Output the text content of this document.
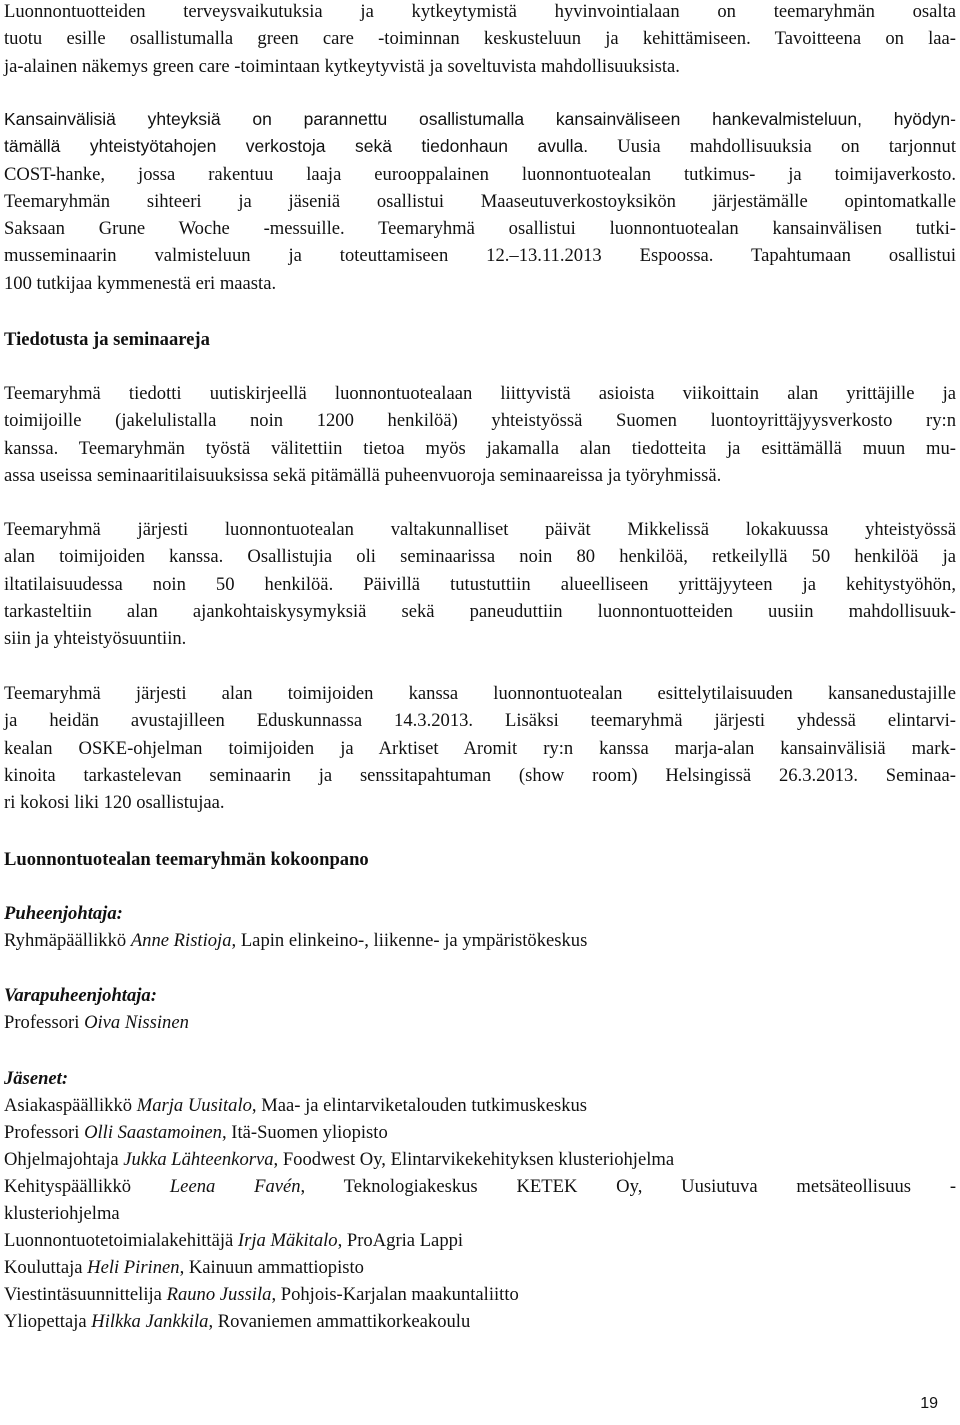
Luonnontuotteiden terveysvaikutuksia ja kytkeytymistä hyvinvointialaan on teemaryhmän osalta
tuotu esille osallistumalla green care -toiminnan keskusteluun ja kehittämiseen. Tavoitteena on laa-
ja-alainen näkemys green care -toimintaan kytkeytyvistä ja soveltuvista mahdollisuuksista.

Kansainvälisiä yhteyksiä on parannettu osallistumalla kansainväliseen hankevalmisteluun, hyödyn-
tämällä yhteistyötahojen verkostoja sekä tiedonhaun avulla. Uusia mahdollisuuksia on tarjonnut
COST-hanke, jossa rakentuu laaja eurooppalainen luonnontuotealan tutkimus- ja toimijaverkosto.
Teemaryhmän sihteeri ja jäseniä osallistui Maaseutuverkostoyksikön järjestämälle opintomatkalle
Saksaan Grune Woche -messuille. Teemaryhmä osallistui luonnontuotealan kansainvälisen tutki-
musseminaarin valmisteluun ja toteuttamiseen 12.–13.11.2013 Espoossa. Tapahtumaan osallistui
100 tutkijaa kymmenestä eri maasta.

Tiedotusta ja seminaareja

Teemaryhmä tiedotti uutiskirjeellä luonnontuotealaan liittyvistä asioista viikoittain alan yrittäjille ja
toimijoille (jakelulistalla noin 1200 henkilöä) yhteistyössä Suomen luontoyrittäjyysverkosto ry:n
kanssa. Teemaryhmän työstä välitettiin tietoa myös jakamalla alan tiedotteita ja esittämällä muun mu-
assa useissa seminaaritilaisuuksissa sekä pitämällä puheenvuoroja seminaareissa ja työryhmissä.

Teemaryhmä järjesti luonnontuotealan valtakunnalliset päivät Mikkelissä lokakuussa yhteistyössä
alan toimijoiden kanssa. Osallistujia oli seminaarissa noin 80 henkilöä, retkeilyllä 50 henkilöä ja
iltatilaisuudessa noin 50 henkilöä. Päivillä tutustuttiin alueelliseen yrittäjyyteen ja kehitystyöhön,
tarkasteltiin alan ajankohtaiskysymyksiä sekä paneuduttiin luonnontuotteiden uusiin mahdollisuuk-
siin ja yhteistyösuuntiin.

Teemaryhmä järjesti alan toimijoiden kanssa luonnontuotealan esittelytilaisuuden kansanedustajille
ja heidän avustajilleen Eduskunnassa 14.3.2013. Lisäksi teemaryhmä järjesti yhdessä elintarvi-
kealan OSKE-ohjelman toimijoiden ja Arktiset Aromit ry:n kanssa marja-alan kansainvälisiä mark-
kinoita tarkastelevan seminaarin ja senssitapahtuman (show room) Helsingissä 26.3.2013. Seminaa-
ri kokosi liki 120 osallistujaa.

Luonnontuotealan teemaryhmän kokoonpano

Puheenjohtaja:

Ryhmäpäällikkö Anne Ristioja, Lapin elinkeino-, liikenne- ja ympäristökeskus

Varapuheenjohtaja:

Professori Oiva Nissinen

Jäsenet:

Asiakaspäällikkö Marja Uusitalo, Maa- ja elintarviketalouden tutkimuskeskus

Professori Olli Saastamoinen, Itä-Suomen yliopisto

Ohjelmajohtaja Jukka Lähteenkorva, Foodwest Oy, Elintarvikekehityksen klusteriohjelma

Kehityspäällikkö Leena Favén, Teknologiakeskus KETEK Oy, Uusiutuva metsäteollisuus -

klusteriohjelma

Luonnontuotetoimialakehittäjä Irja Mäkitalo, ProAgria Lappi

Kouluttaja Heli Pirinen, Kainuun ammattiopisto

Viestintäsuunnittelija Rauno Jussila, Pohjois-Karjalan maakuntaliitto

Yliopettaja Hilkka Jankkila, Rovaniemen ammattikorkeakoulu

19
